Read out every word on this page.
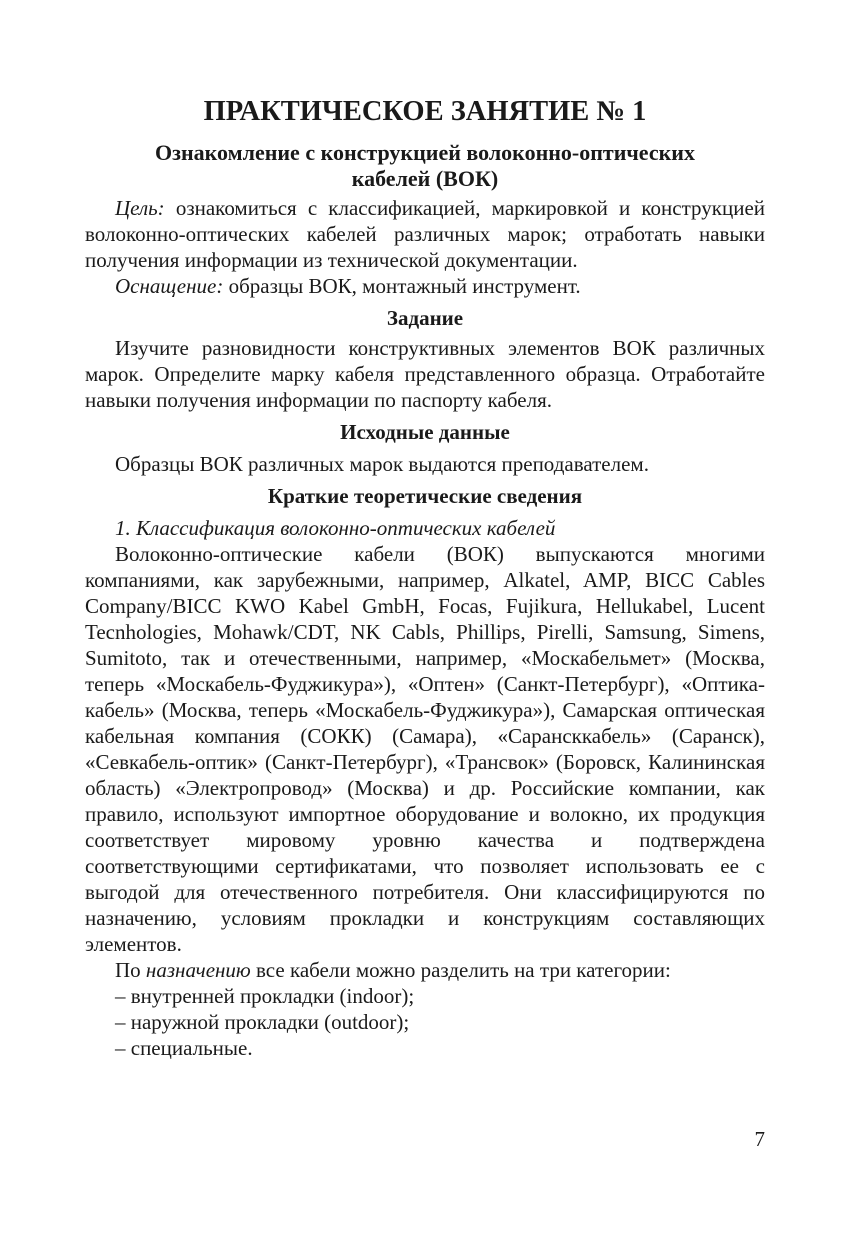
ПРАКТИЧЕСКОЕ ЗАНЯТИЕ № 1
Ознакомление с конструкцией волоконно-оптических
кабелей (ВОК)

Цель: ознакомиться с классификацией, маркировкой и конструкцией волоконно-оптических кабелей различных марок; отработать навыки получения информации из технической документации.

Оснащение: образцы ВОК, монтажный инструмент.

Задание

Изучите разновидности конструктивных элементов ВОК различных марок. Определите марку кабеля представленного образца. Отработайте навыки получения информации по паспорту кабеля.

Исходные данные

Образцы ВОК различных марок выдаются преподавателем.

Краткие теоретические сведения

1. Классификация волоконно-оптических кабелей

Волоконно-оптические кабели (ВОК) выпускаются многими компаниями, как зарубежными, например, Alkatel, AMP, BICC Cables Company/BICC KWO Kabel GmbH, Focas, Fujikura, Hellukabel, Lucent Tecnhologies, Mohawk/CDT, NK Cabls, Phillips, Pirelli, Samsung, Simens, Sumitoto, так и отечественными, например, «Москабельмет» (Москва, теперь «Москабель-Фуджикура»), «Оптен» (Санкт-Петербург), «Оптика-кабель» (Москва, теперь «Москабель-Фуджикура»), Самарская оптическая кабельная компания (СОКК) (Самара), «Сарансккабель» (Саранск), «Севкабель-оптик» (Санкт-Петербург), «Трансвок» (Боровск, Калининская область) «Электропровод» (Москва) и др. Российские компании, как правило, используют импортное оборудование и волокно, их продукция соответствует мировому уровню качества и подтверждена соответствующими сертификатами, что позволяет использовать ее с выгодой для отечественного потребителя. Они классифицируются по назначению, условиям прокладки и конструкциям составляющих элементов.

По назначению все кабели можно разделить на три категории:

– внутренней прокладки (indoor);

– наружной прокладки (outdoor);

– специальные.

7
